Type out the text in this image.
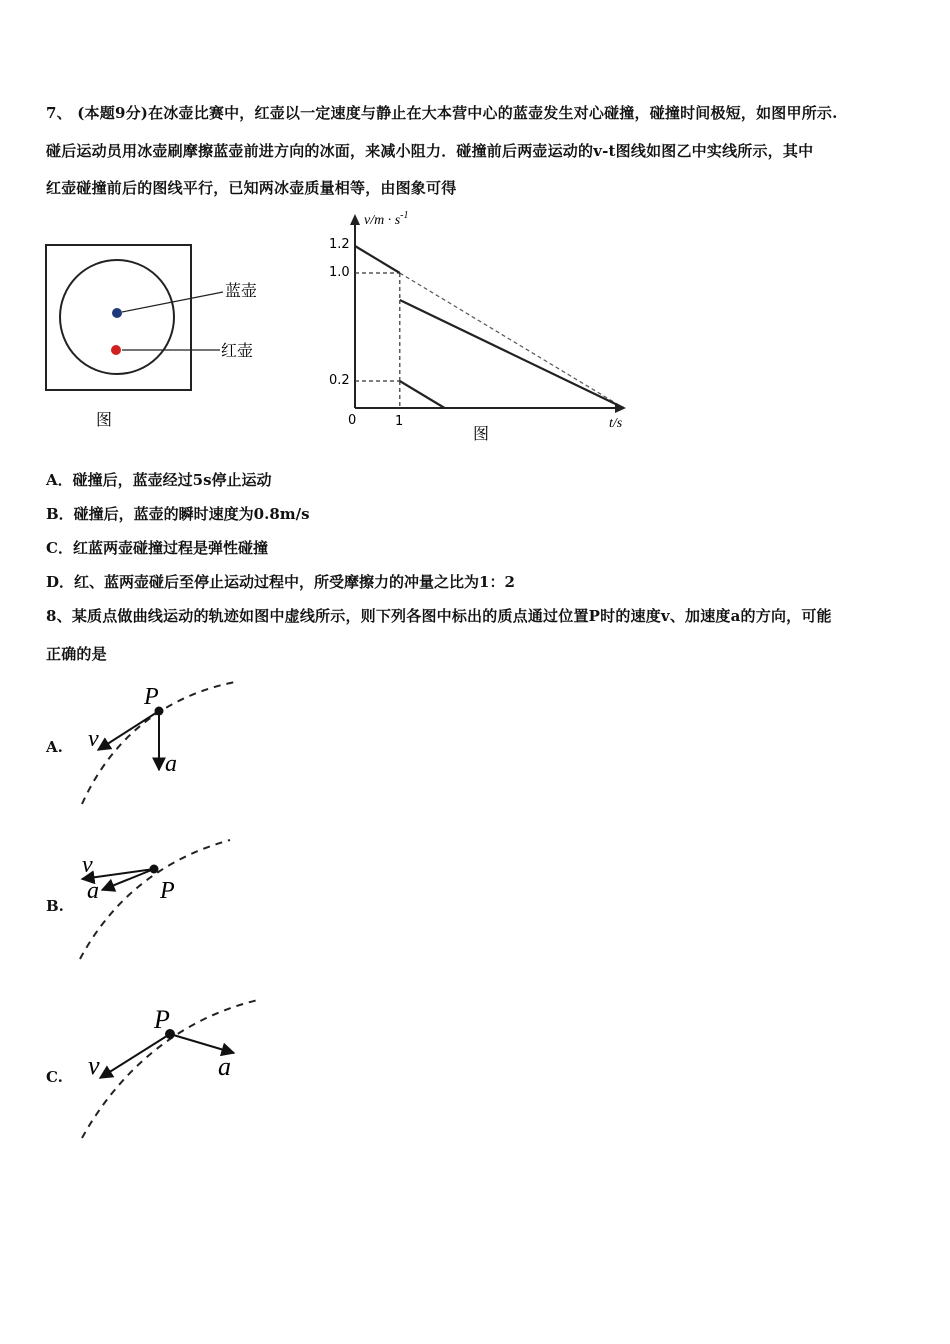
7、 (本题9分)在冰壶比赛中，红壶以一定速度与静止在大本营中心的蓝壶发生对心碰撞，碰撞时间极短，如图甲所示.
碰后运动员用冰壶刷摩擦蓝壶前进方向的冰面，来减小阻力．碰撞前后两壶运动的v-t图线如图乙中实线所示，其中
红壶碰撞前后的图线平行，已知两冰壶质量相等，由图象可得
蓝壶
红壶
图
$v/m \cdot s^{-1}$
1.2
1.0
0.2
0	1	t/s
图
A．碰撞后，蓝壶经过5s停止运动
B．碰撞后，蓝壶的瞬时速度为0.8m/s
C．红蓝两壶碰撞过程是弹性碰撞
D．红、蓝两壶碰后至停止运动过程中，所受摩擦力的冲量之比为1：2
8、某质点做曲线运动的轨迹如图中虚线所示，则下列各图中标出的质点通过位置P时的速度v、加速度a的方向，可能
正确的是
A.
P
v
a
B.
v
a	P
C.
P
v	a
